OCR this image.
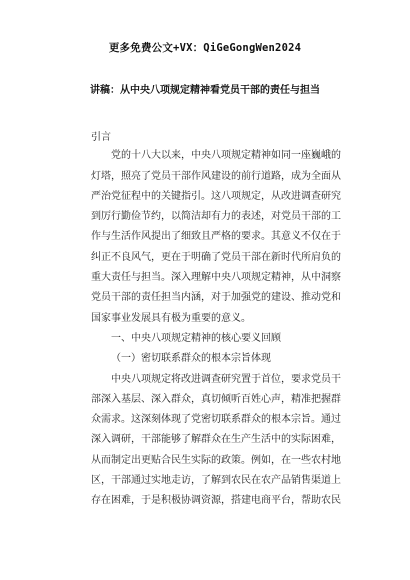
更多免费公文+VX：QiGeGongWen2024
讲稿：从中央八项规定精神看党员干部的责任与担当
引言
党的十八大以来，中央八项规定精神如同一座巍峨的
灯塔，照亮了党员干部作风建设的前行道路，成为全面从
严治党征程中的关键指引。这八项规定，从改进调查研究
到厉行勤俭节约，以简洁却有力的表述，对党员干部的工
作与生活作风提出了细致且严格的要求。其意义不仅在于
纠正不良风气，更在于明确了党员干部在新时代所肩负的
重大责任与担当。深入理解中央八项规定精神，从中洞察
党员干部的责任担当内涵，对于加强党的建设、推动党和
国家事业发展具有极为重要的意义。
一、中央八项规定精神的核心要义回顾
（一）密切联系群众的根本宗旨体现
中央八项规定将改进调查研究置于首位，要求党员干
部深入基层、深入群众，真切倾听百姓心声，精准把握群
众需求。这深刻体现了党密切联系群众的根本宗旨。通过
深入调研，干部能够了解群众在生产生活中的实际困难，
从而制定出更贴合民生实际的政策。例如，在一些农村地
区，干部通过实地走访，了解到农民在农产品销售渠道上
存在困难，于是积极协调资源，搭建电商平台，帮助农民
